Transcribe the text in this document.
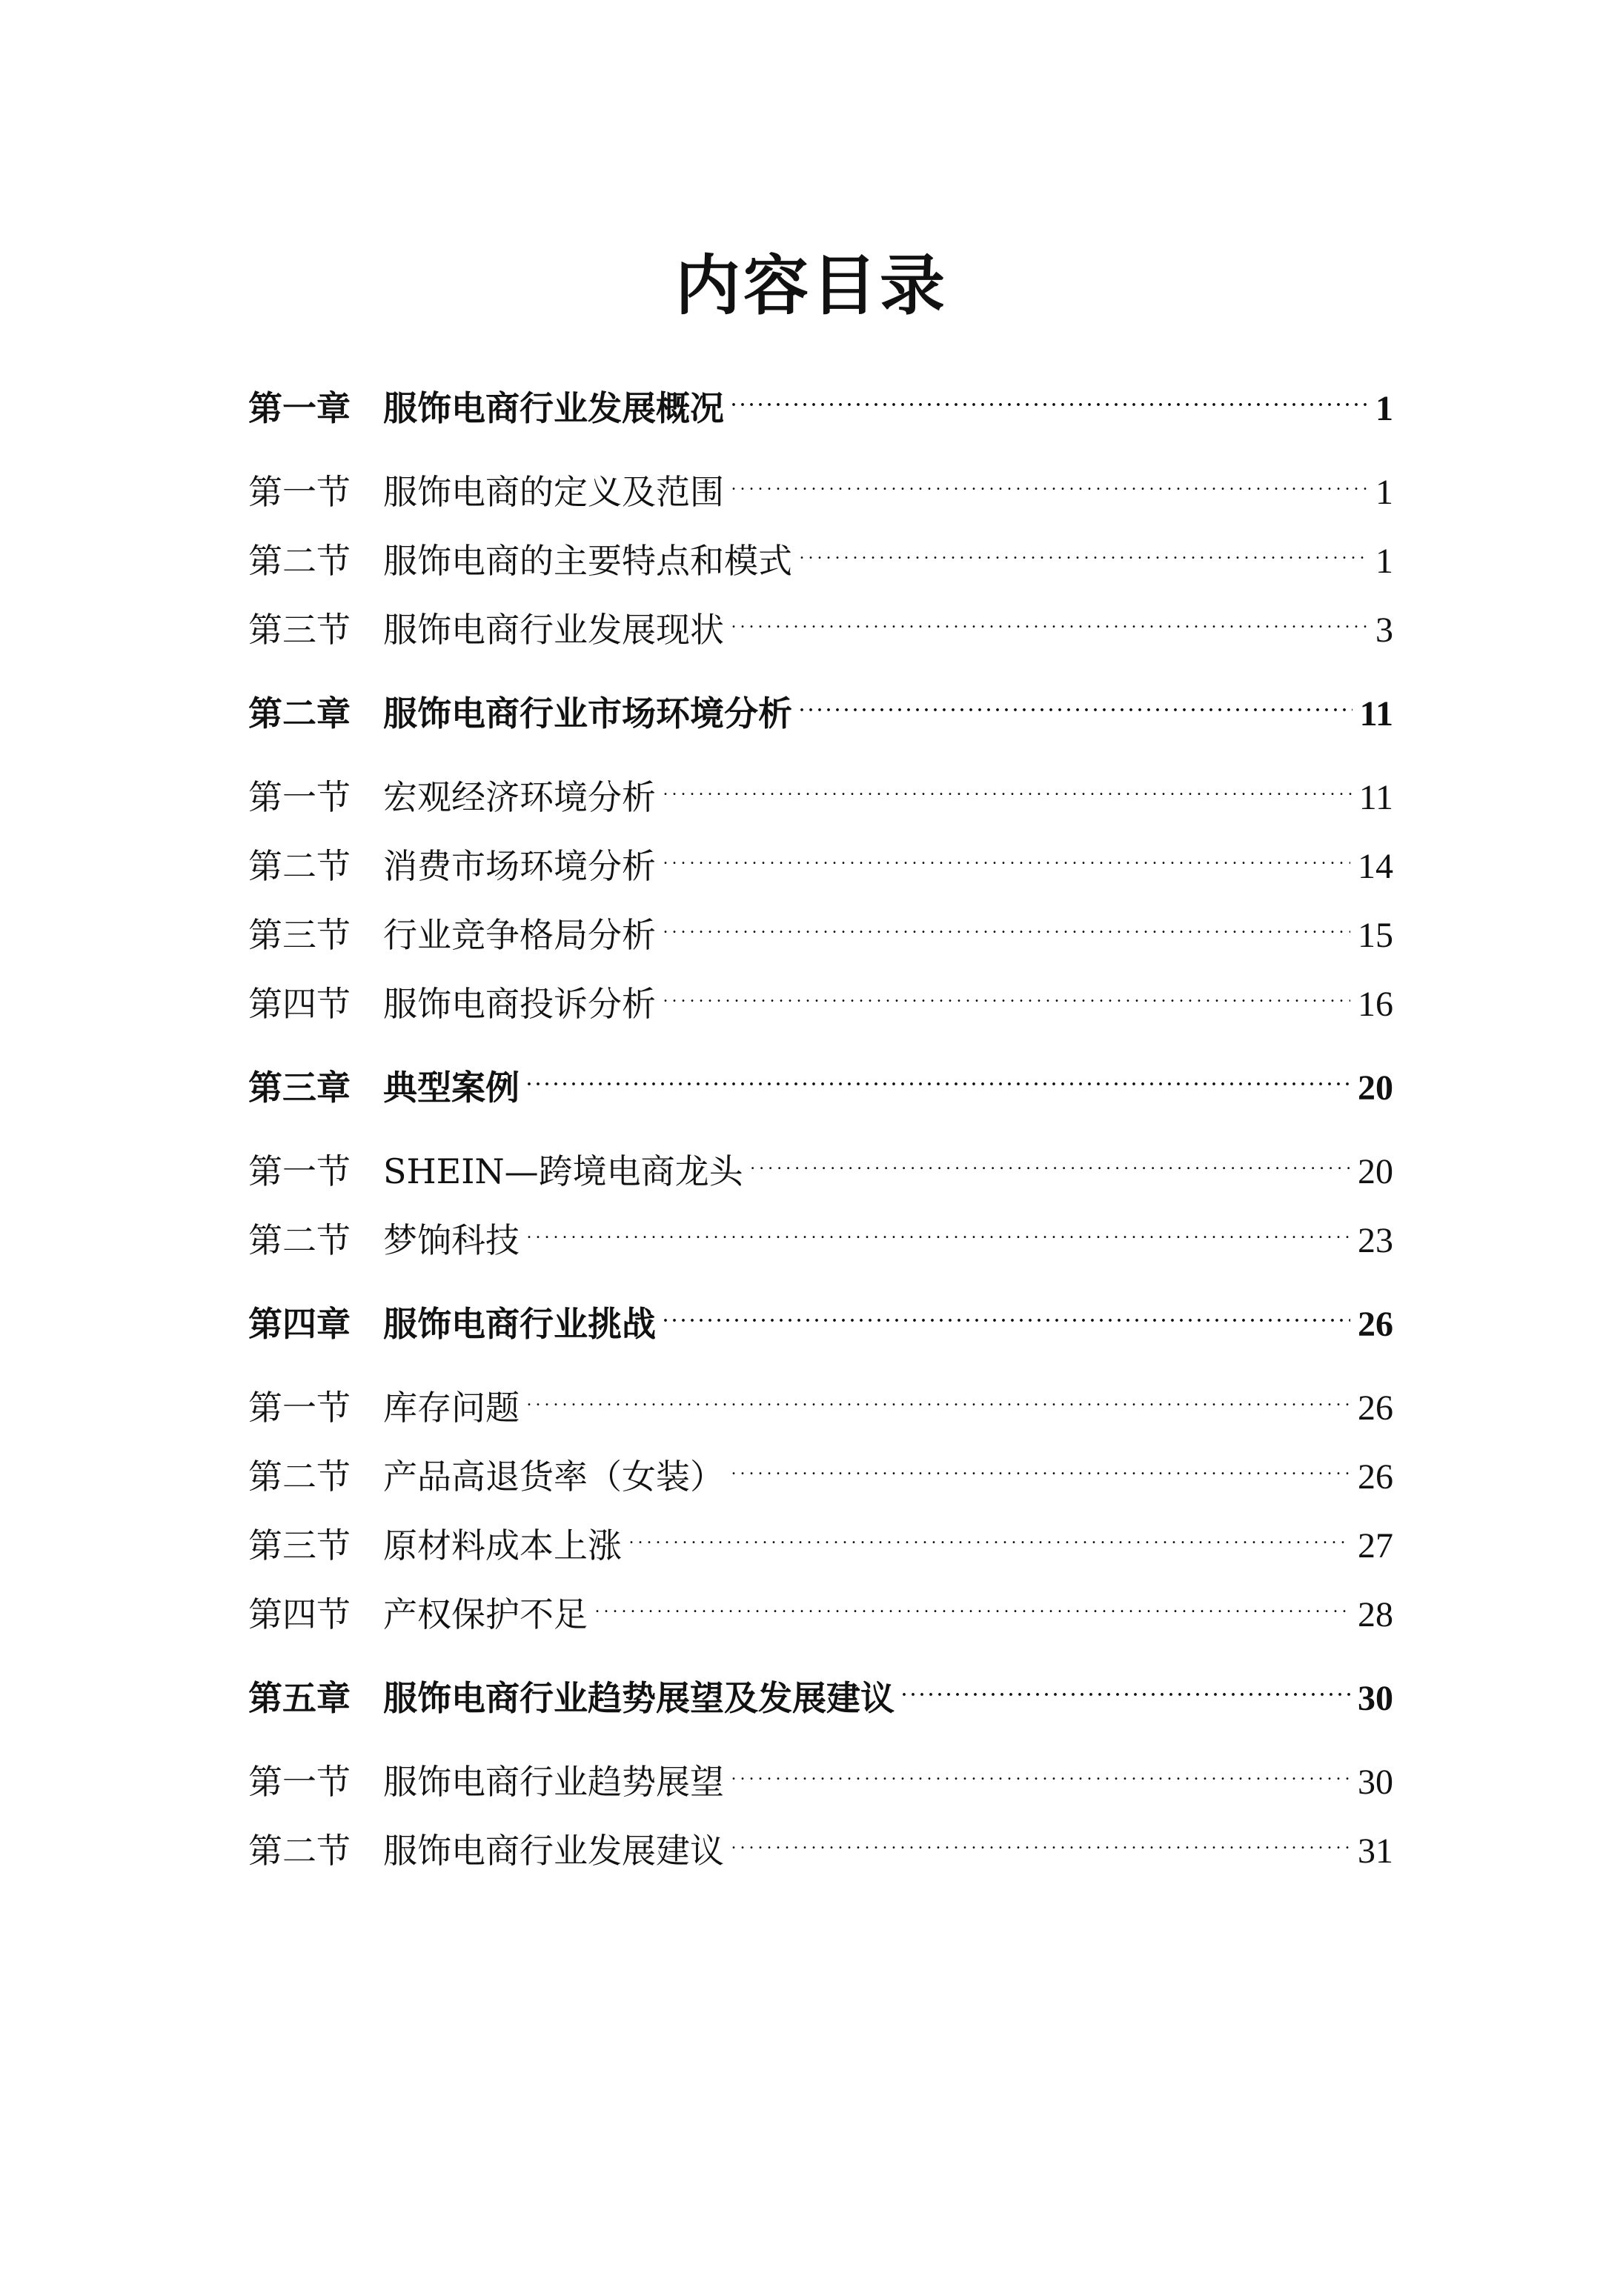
内容目录
第一章 服饰电商行业发展概况 . . .	1
第一节 服饰电商的定义及范围 . . .	1
第二节 服饰电商的主要特点和模式 . . .	1
第三节 服饰电商行业发展现状 . . .	3
第二章 服饰电商行业市场环境分析 . . .	11
第一节 宏观经济环境分析 . . .	11
第二节 消费市场环境分析 . . .	14
第三节 行业竞争格局分析 . . .	15
第四节 服饰电商投诉分析 . . .	16
第三章 典型案例 . . .	20
第一节 SHEIN—跨境电商龙头 . . .	20
第二节 梦饷科技 . . .	23
第四章 服饰电商行业挑战 . . .	26
第一节 库存问题 . . .	26
第二节 产品高退货率（女装） . . .	26
第三节 原材料成本上涨 . . .	27
第四节 产权保护不足 . . .	28
第五章 服饰电商行业趋势展望及发展建议 . . .	30
第一节 服饰电商行业趋势展望 . . .	30
第二节 服饰电商行业发展建议 . . .	31
